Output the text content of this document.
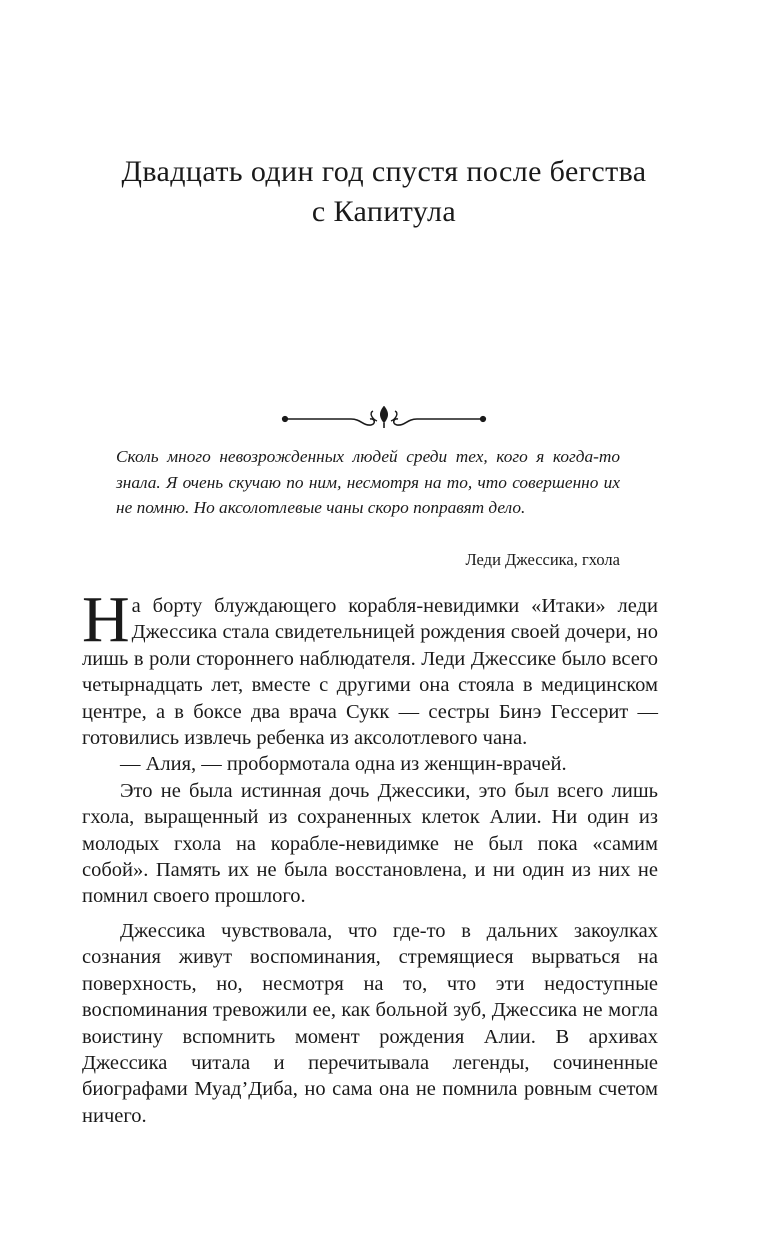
Двадцать один год спустя после бегства
с Капитула

Сколь много невозрожденных людей среди тех, кого я когда-то знала. Я очень скучаю по ним, несмотря на то, что совершенно их не помню. Но аксолотлевые чаны скоро поправят дело.

Леди Джессика, гхола

На борту блуждающего корабля-невидимки «Итаки» леди Джессика стала свидетельницей рождения своей дочери, но лишь в роли стороннего наблюдателя. Леди Джессике было всего четырнадцать лет, вместе с другими она стояла в медицинском центре, а в боксе два врача Сукк — сестры Бинэ Гессерит — готовились извлечь ребенка из аксолотлевого чана.

— Алия, — пробормотала одна из женщин-врачей.

Это не была истинная дочь Джессики, это был всего лишь гхола, выращенный из сохраненных клеток Алии. Ни один из молодых гхола на корабле-невидимке не был пока «самим собой». Память их не была восстановлена, и ни один из них не помнил своего прошлого.

Джессика чувствовала, что где-то в дальних закоулках сознания живут воспоминания, стремящиеся вырваться на поверхность, но, несмотря на то, что эти недоступные воспоминания тревожили ее, как больной зуб, Джессика не могла воистину вспомнить момент рождения Алии. В архивах Джессика читала и перечитывала легенды, сочиненные биографами Муад’Диба, но сама она не помнила ровным счетом ничего.
